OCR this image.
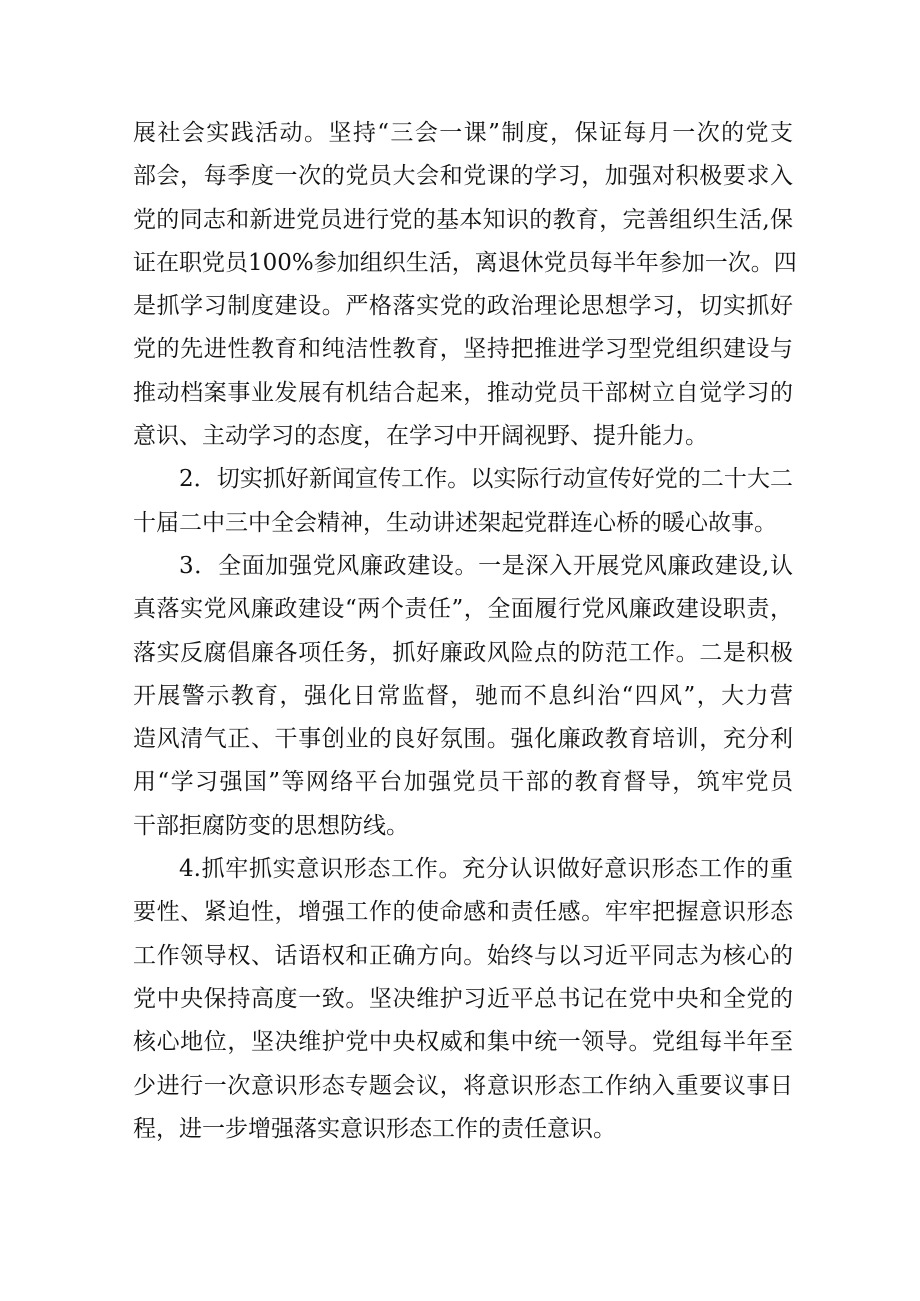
展社会实践活动。坚持“三会一课”制度，保证每月一次的党支
部会，每季度一次的党员大会和党课的学习，加强对积极要求入
党的同志和新进党员进行党的基本知识的教育，完善组织生活,保
证在职党员100%参加组织生活，离退休党员每半年参加一次。四
是抓学习制度建设。严格落实党的政治理论思想学习，切实抓好
党的先进性教育和纯洁性教育，坚持把推进学习型党组织建设与
推动档案事业发展有机结合起来，推动党员干部树立自觉学习的
意识、主动学习的态度，在学习中开阔视野、提升能力。

2．切实抓好新闻宣传工作。以实际行动宣传好党的二十大二
十届二中三中全会精神，生动讲述架起党群连心桥的暖心故事。

3．全面加强党风廉政建设。一是深入开展党风廉政建设,认
真落实党风廉政建设“两个责任”，全面履行党风廉政建设职责，
落实反腐倡廉各项任务，抓好廉政风险点的防范工作。二是积极
开展警示教育，强化日常监督，驰而不息纠治“四风”，大力营
造风清气正、干事创业的良好氛围。强化廉政教育培训，充分利
用“学习强国”等网络平台加强党员干部的教育督导，筑牢党员
干部拒腐防变的思想防线。

4.抓牢抓实意识形态工作。充分认识做好意识形态工作的重
要性、紧迫性，增强工作的使命感和责任感。牢牢把握意识形态
工作领导权、话语权和正确方向。始终与以习近平同志为核心的
党中央保持高度一致。坚决维护习近平总书记在党中央和全党的
核心地位，坚决维护党中央权威和集中统一领导。党组每半年至
少进行一次意识形态专题会议，将意识形态工作纳入重要议事日
程，进一步增强落实意识形态工作的责任意识。
